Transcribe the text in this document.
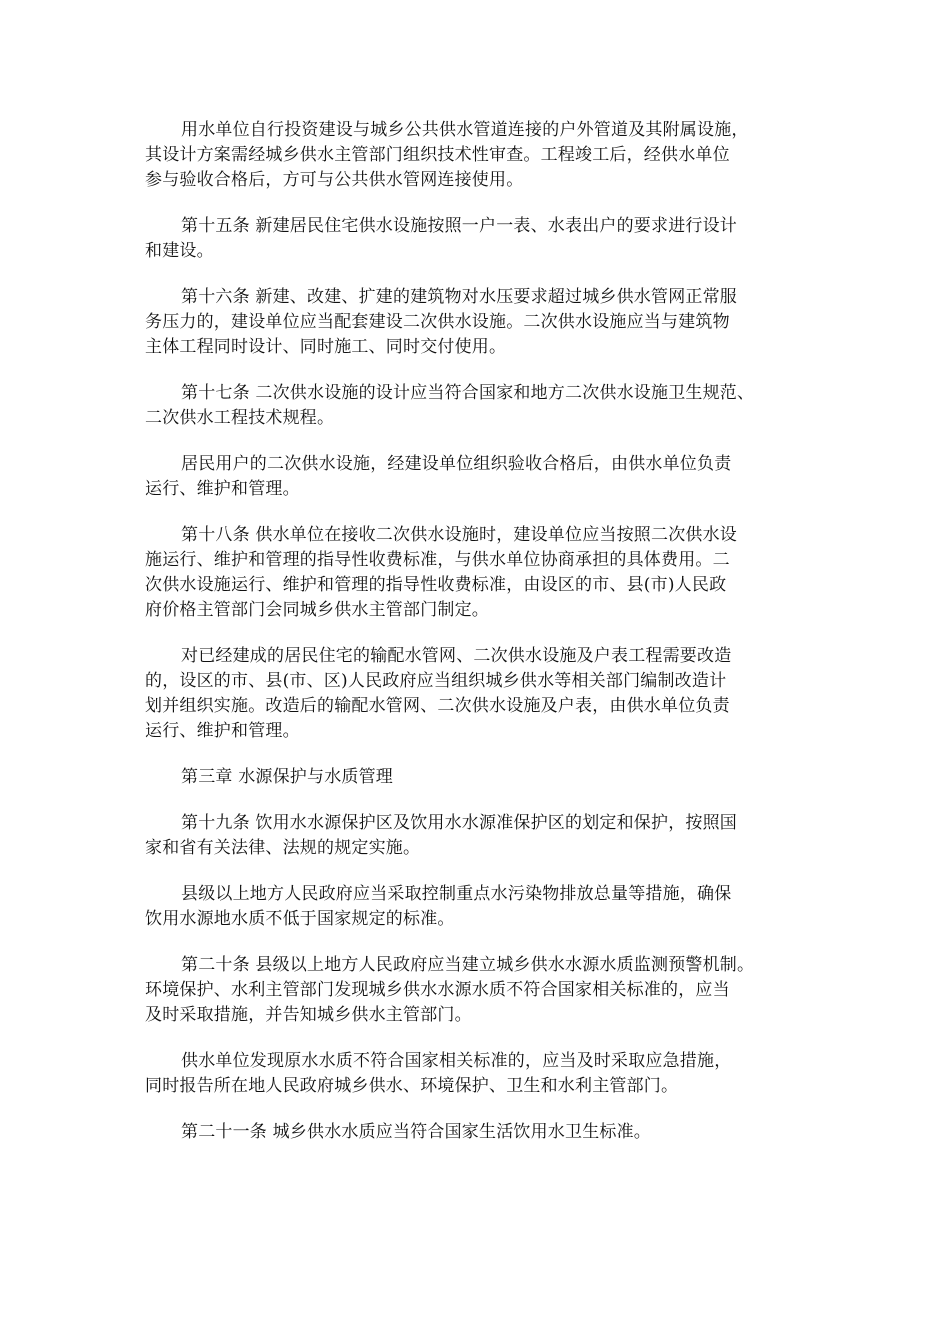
用水单位自行投资建设与城乡公共供水管道连接的户外管道及其附属设施，
其设计方案需经城乡供水主管部门组织技术性审查。工程竣工后，经供水单位
参与验收合格后，方可与公共供水管网连接使用。

第十五条 新建居民住宅供水设施按照一户一表、水表出户的要求进行设计
和建设。

第十六条 新建、改建、扩建的建筑物对水压要求超过城乡供水管网正常服
务压力的，建设单位应当配套建设二次供水设施。二次供水设施应当与建筑物
主体工程同时设计、同时施工、同时交付使用。

第十七条 二次供水设施的设计应当符合国家和地方二次供水设施卫生规范、
二次供水工程技术规程。

居民用户的二次供水设施，经建设单位组织验收合格后，由供水单位负责
运行、维护和管理。

第十八条 供水单位在接收二次供水设施时，建设单位应当按照二次供水设
施运行、维护和管理的指导性收费标准，与供水单位协商承担的具体费用。二
次供水设施运行、维护和管理的指导性收费标准，由设区的市、县(市)人民政
府价格主管部门会同城乡供水主管部门制定。

对已经建成的居民住宅的输配水管网、二次供水设施及户表工程需要改造
的，设区的市、县(市、区)人民政府应当组织城乡供水等相关部门编制改造计
划并组织实施。改造后的输配水管网、二次供水设施及户表，由供水单位负责
运行、维护和管理。

第三章 水源保护与水质管理

第十九条 饮用水水源保护区及饮用水水源准保护区的划定和保护，按照国
家和省有关法律、法规的规定实施。

县级以上地方人民政府应当采取控制重点水污染物排放总量等措施，确保
饮用水源地水质不低于国家规定的标准。

第二十条 县级以上地方人民政府应当建立城乡供水水源水质监测预警机制。
环境保护、水利主管部门发现城乡供水水源水质不符合国家相关标准的，应当
及时采取措施，并告知城乡供水主管部门。

供水单位发现原水水质不符合国家相关标准的，应当及时采取应急措施，
同时报告所在地人民政府城乡供水、环境保护、卫生和水利主管部门。

第二十一条 城乡供水水质应当符合国家生活饮用水卫生标准。
